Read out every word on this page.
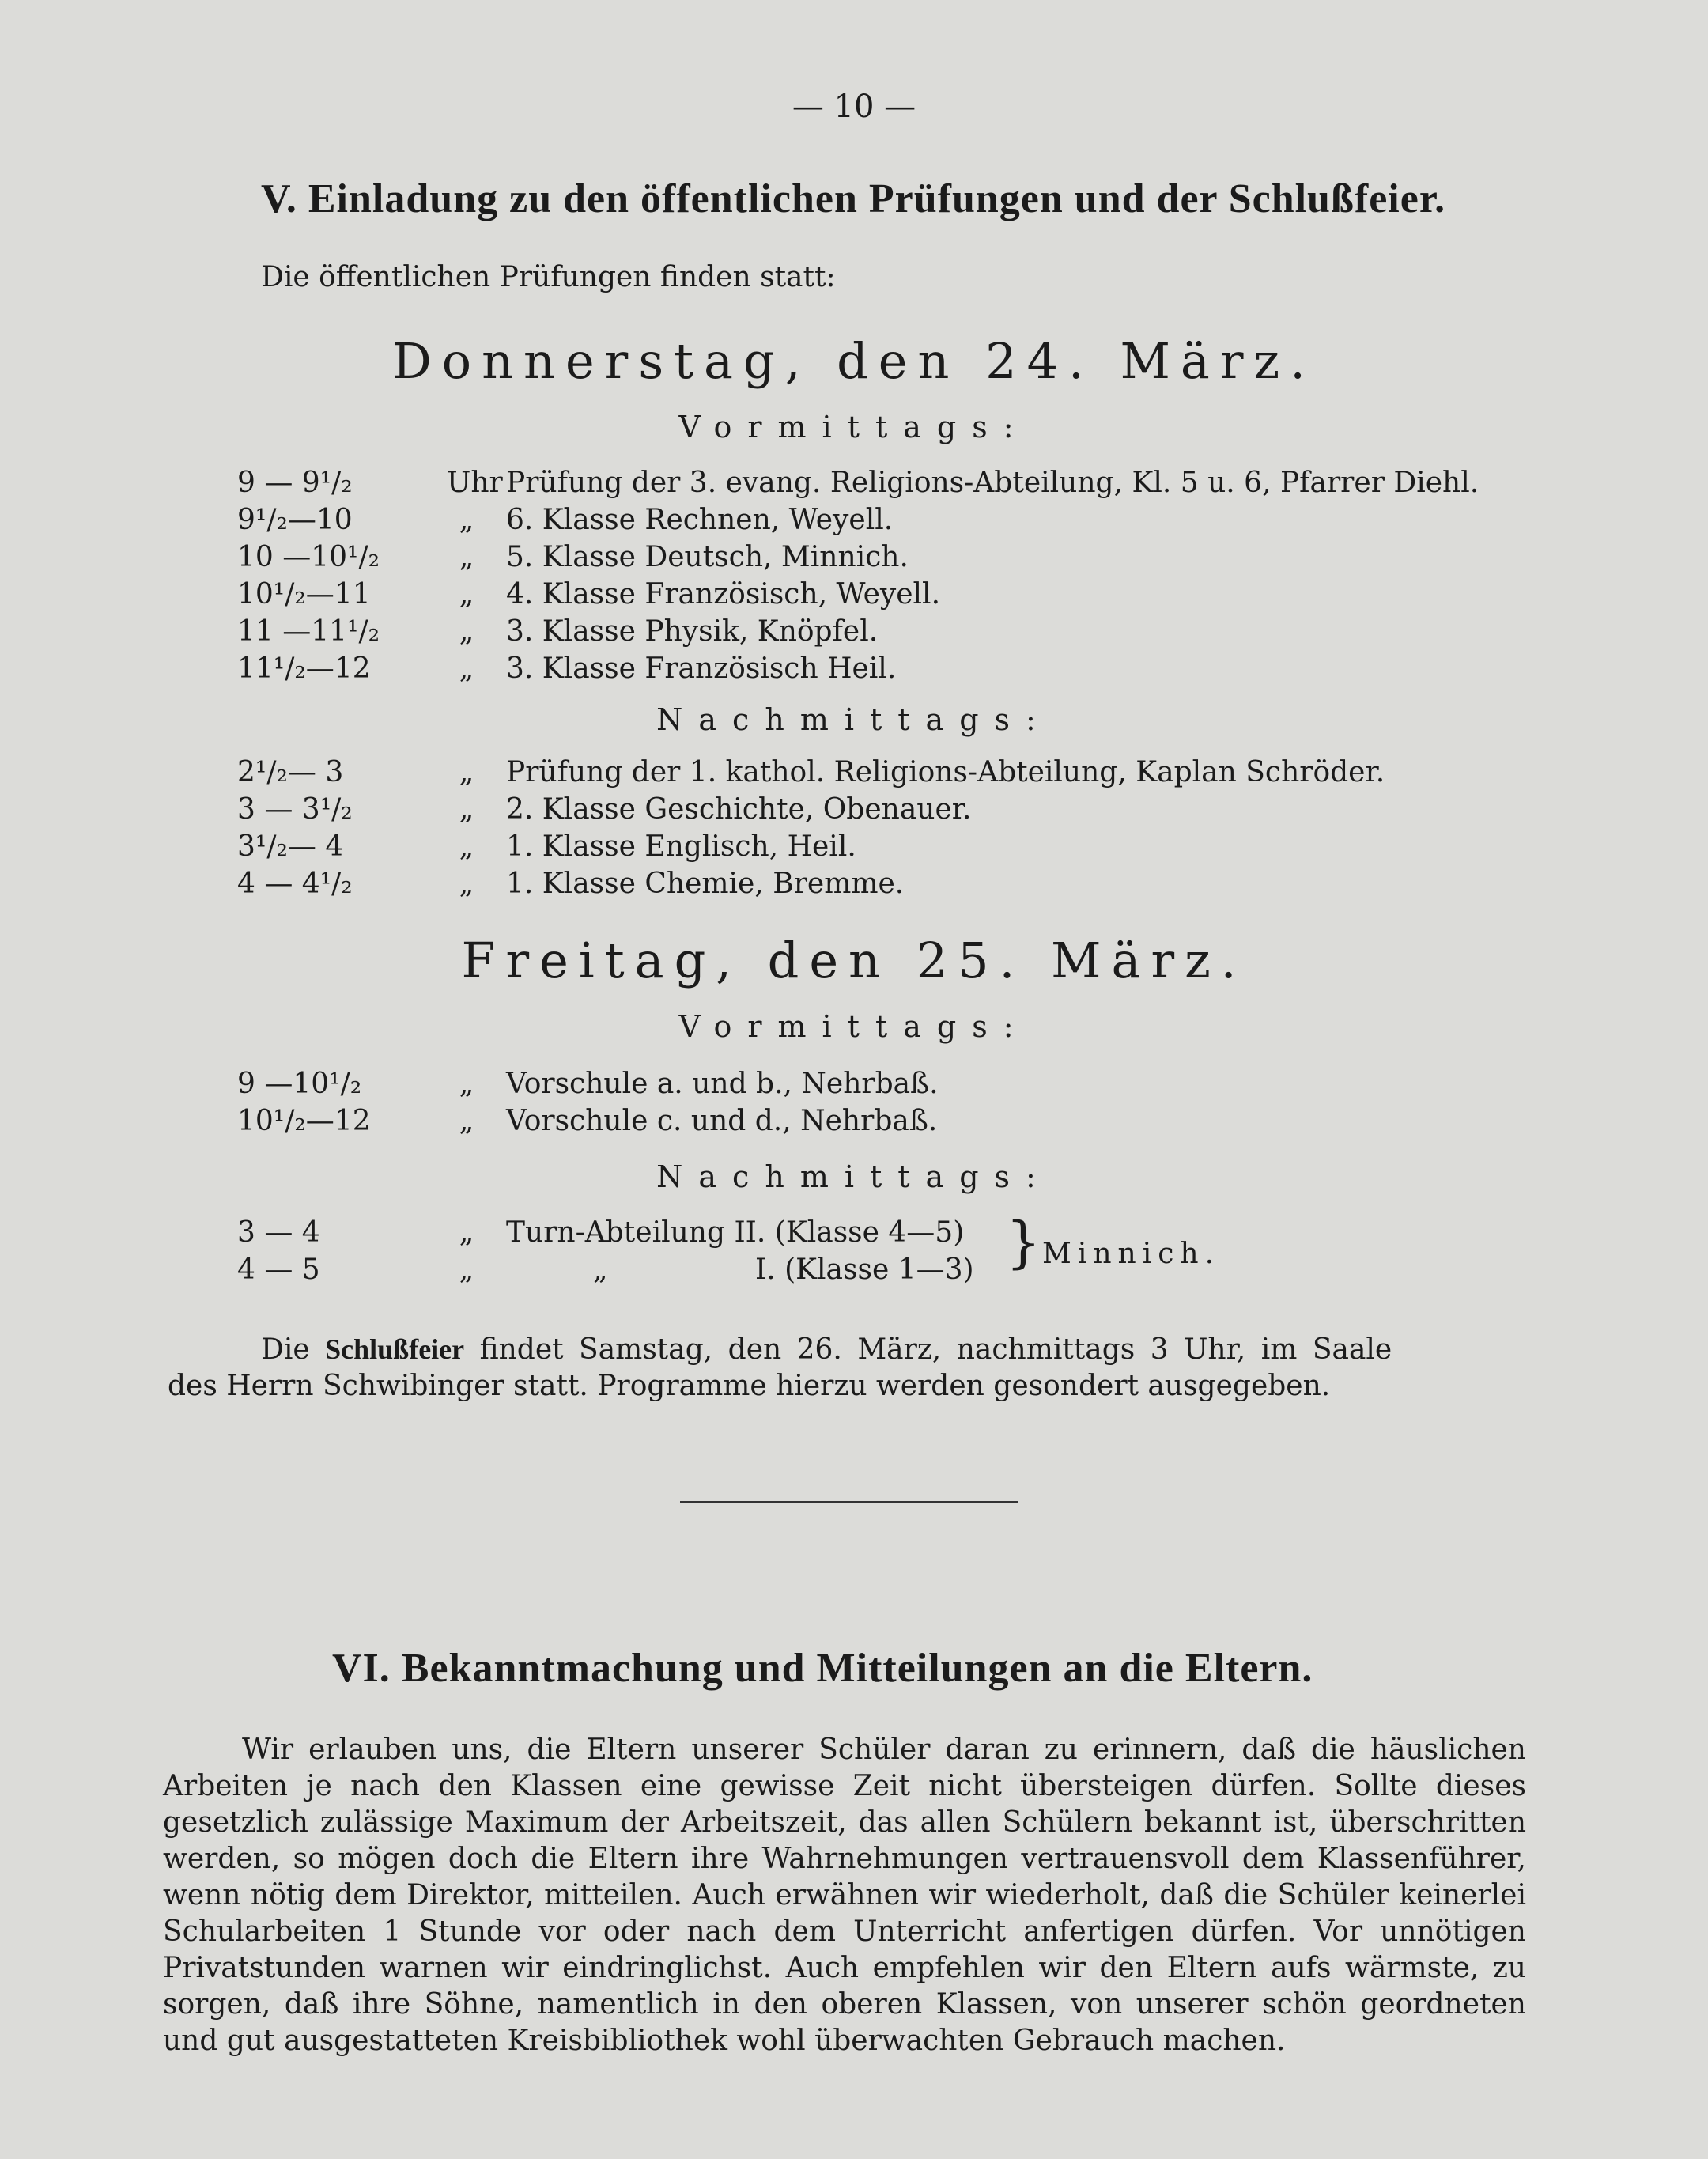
— 10 —
V. Einladung zu den öffentlichen Prüfungen und der Schlußfeier.
Die öffentlichen Prüfungen finden statt:
Donnerstag, den 24. März.
Vormittags:
9 — 9¹/₂	Uhr Prüfung der 3. evang. Religions-Abteilung, Kl. 5 u. 6, Pfarrer Diehl.
9¹/₂—10	„	6. Klasse Rechnen, Weyell.
10 —10¹/₂	„	5. Klasse Deutsch, Minnich.
10¹/₂—11	„	4. Klasse Französisch, Weyell.
11 —11¹/₂	„	3. Klasse Physik, Knöpfel.
11¹/₂—12	„	3. Klasse Französisch Heil.
Nachmittags:
2¹/₂— 3	„	Prüfung der 1. kathol. Religions-Abteilung, Kaplan Schröder.
3 — 3¹/₂	„	2. Klasse Geschichte, Obenauer.
3¹/₂— 4	„	1. Klasse Englisch, Heil.
4 — 4¹/₂	„	1. Klasse Chemie, Bremme.
Freitag, den 25. März.
Vormittags:
9 —10¹/₂	„	Vorschule a. und b., Nehrbaß.
10¹/₂—12	„	Vorschule c. und d., Nehrbaß.
Nachmittags:
3 — 4	„	Turn-Abteilung II. (Klasse 4—5)
4 — 5	„	„	I. (Klasse 1—3) } Minnich.
Die Schlußfeier findet Samstag, den 26. März, nachmittags 3 Uhr, im Saale
des Herrn Schwibinger statt. Programme hierzu werden gesondert ausgegeben.
VI. Bekanntmachung und Mitteilungen an die Eltern.
Wir erlauben uns, die Eltern unserer Schüler daran zu erinnern, daß die häuslichen Arbeiten je nach den Klassen eine gewisse Zeit nicht übersteigen dürfen. Sollte dieses gesetzlich zulässige Maximum der Arbeitszeit, das allen Schülern bekannt ist, überschritten werden, so mögen doch die Eltern ihre Wahrnehmungen vertrauensvoll dem Klassenführer, wenn nötig dem Direktor, mitteilen. Auch erwähnen wir wiederholt, daß die Schüler keinerlei Schularbeiten 1 Stunde vor oder nach dem Unterricht anfertigen dürfen. Vor unnötigen Privatstunden warnen wir eindringlichst. Auch empfehlen wir den Eltern aufs wärmste, zu sorgen, daß ihre Söhne, namentlich in den oberen Klassen, von unserer schön geordneten und gut ausgestatteten Kreisbibliothek wohl überwachten Gebrauch machen.
